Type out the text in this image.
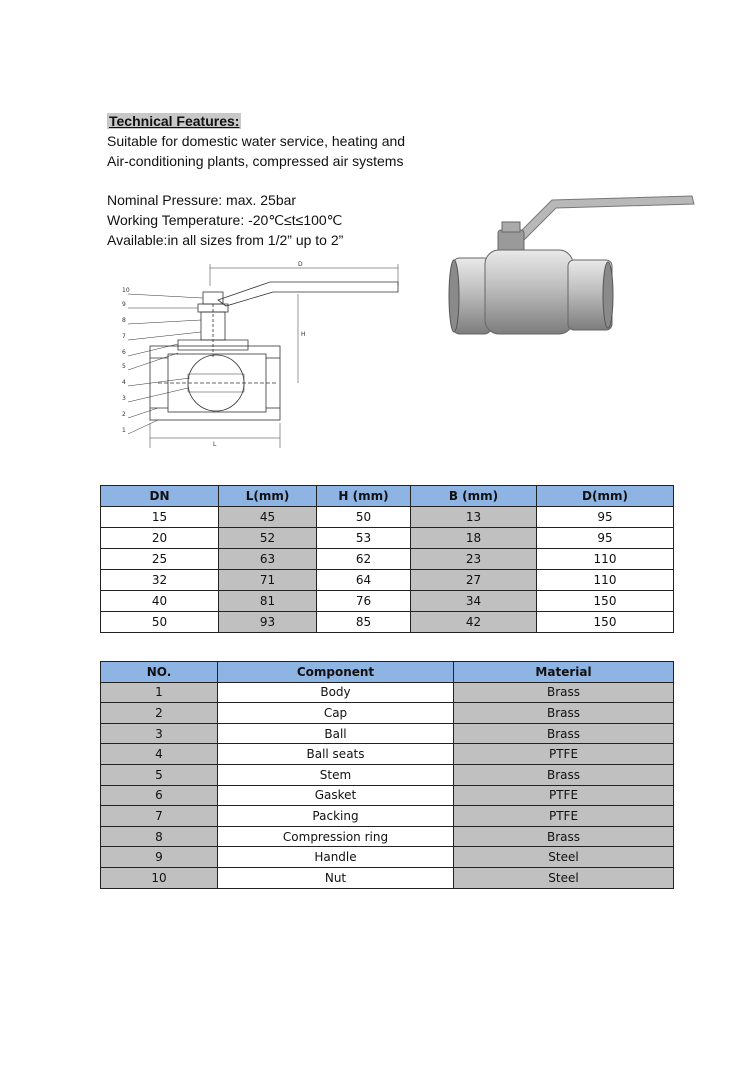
Technical Features:
Suitable for domestic water service, heating and
Air-conditioning plants, compressed air systems
Nominal Pressure: max. 25bar
Working Temperature: -20℃≤t≤100℃
Available:in all sizes from 1/2” up to 2”
D
H
L
10
9
8
7
6
5
4
3
2
1
DN	L(mm)	H (mm)	B (mm)	D(mm)
15	45	50	13	95
20	52	53	18	95
25	63	62	23	110
32	71	64	27	110
40	81	76	34	150
50	93	85	42	150
NO.	Component	Material
1	Body	Brass
2	Cap	Brass
3	Ball	Brass
4	Ball seats	PTFE
5	Stem	Brass
6	Gasket	PTFE
7	Packing	PTFE
8	Compression ring	Brass
9	Handle	Steel
10	Nut	Steel
